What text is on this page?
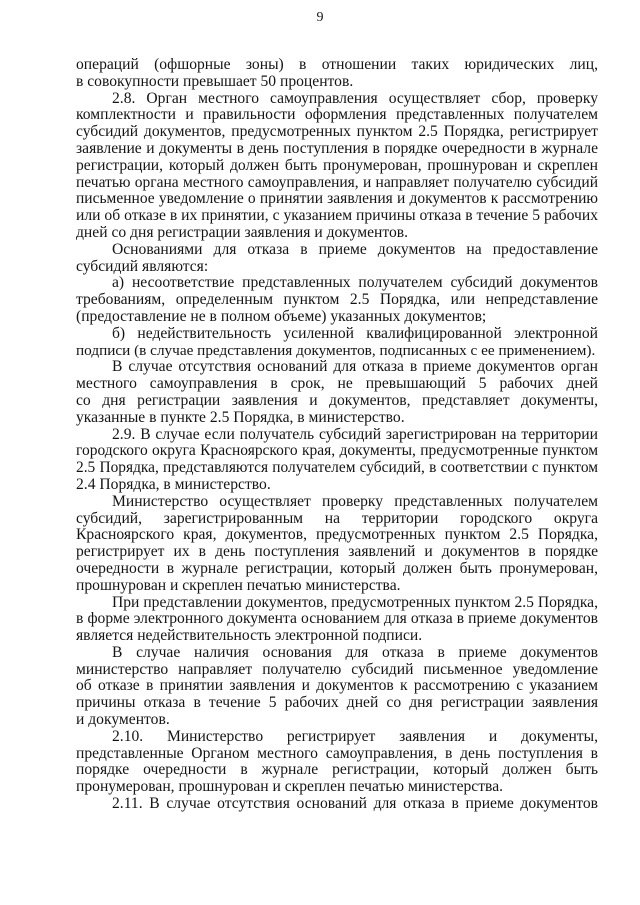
9
операций (офшорные зоны) в отношении таких юридических лиц,
в совокупности превышает 50 процентов.
2.8. Орган местного самоуправления осуществляет сбор, проверку
комплектности и правильности оформления представленных получателем
субсидий документов, предусмотренных пунктом 2.5 Порядка, регистрирует
заявление и документы в день поступления в порядке очередности в журнале
регистрации, который должен быть пронумерован, прошнурован и скреплен
печатью органа местного самоуправления, и направляет получателю субсидий
письменное уведомление о принятии заявления и документов к рассмотрению
или об отказе в их принятии, с указанием причины отказа в течение 5 рабочих
дней со дня регистрации заявления и документов.
Основаниями для отказа в приеме документов на предоставление
субсидий являются:
а) несоответствие представленных получателем субсидий документов
требованиям, определенным пунктом 2.5 Порядка, или непредставление
(предоставление не в полном объеме) указанных документов;
б) недействительность усиленной квалифицированной электронной
подписи (в случае представления документов, подписанных с ее применением).
В случае отсутствия оснований для отказа в приеме документов орган
местного самоуправления в срок, не превышающий 5 рабочих дней
со дня регистрации заявления и документов, представляет документы,
указанные в пункте 2.5 Порядка, в министерство.
2.9. В случае если получатель субсидий зарегистрирован на территории
городского округа Красноярского края, документы, предусмотренные пунктом
2.5 Порядка, представляются получателем субсидий, в соответствии с пунктом
2.4 Порядка, в министерство.
Министерство осуществляет проверку представленных получателем
субсидий, зарегистрированным на территории городского округа
Красноярского края, документов, предусмотренных пунктом 2.5 Порядка,
регистрирует их в день поступления заявлений и документов в порядке
очередности в журнале регистрации, который должен быть пронумерован,
прошнурован и скреплен печатью министерства.
При представлении документов, предусмотренных пунктом 2.5 Порядка,
в форме электронного документа основанием для отказа в приеме документов
является недействительность электронной подписи.
В случае наличия основания для отказа в приеме документов
министерство направляет получателю субсидий письменное уведомление
об отказе в принятии заявления и документов к рассмотрению с указанием
причины отказа в течение 5 рабочих дней со дня регистрации заявления
и документов.
2.10. Министерство регистрирует заявления и документы,
представленные Органом местного самоуправления, в день поступления в
порядке очередности в журнале регистрации, который должен быть
пронумерован, прошнурован и скреплен печатью министерства.
2.11. В случае отсутствия оснований для отказа в приеме документов
